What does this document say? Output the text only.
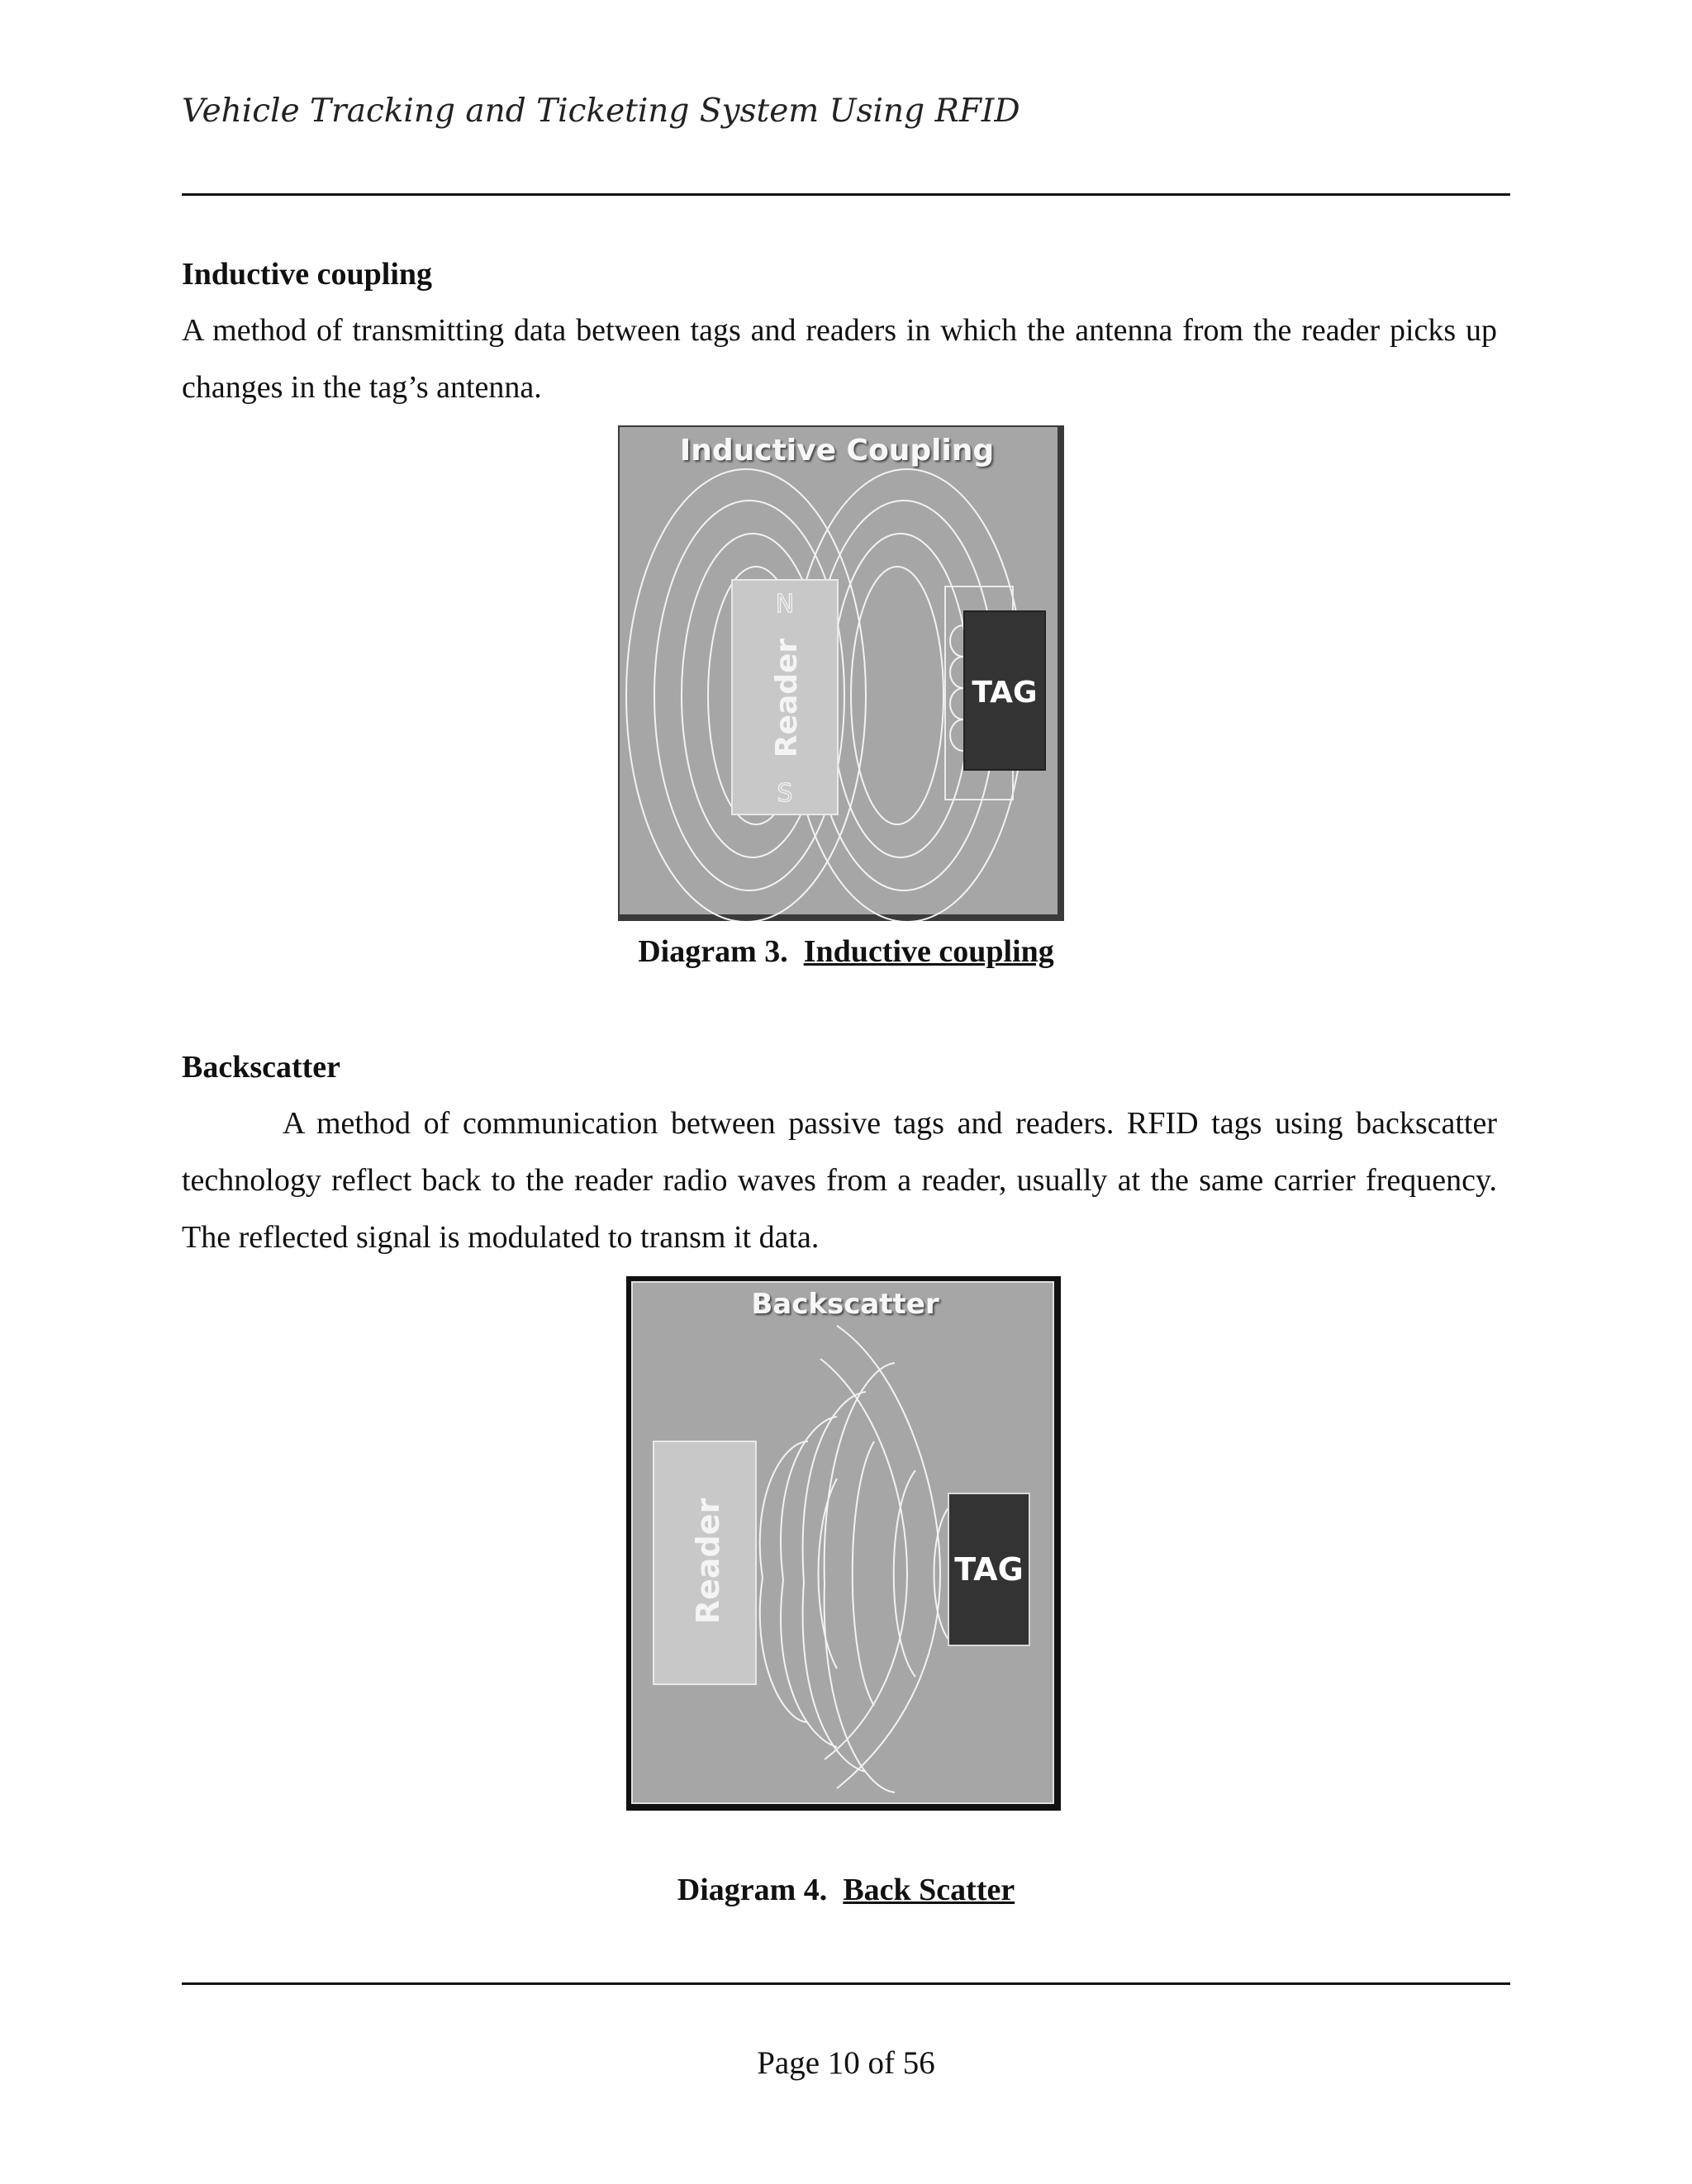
Vehicle Tracking and Ticketing System Using RFID
Inductive coupling
A method of transmitting data between tags and readers in which the antenna from the reader picks up changes in the tag’s antenna.
N
S
Reader	TAG
Inductive Coupling
Diagram 3. Inductive coupling
Backscatter
A method of communication between passive tags and readers. RFID tags using backscatter technology reflect back to the reader radio waves from a reader, usually at the same carrier frequency. The reflected signal is modulated to transm it data.
Reader	TAG
Backscatter
Diagram 4. Back Scatter
Page 10 of 56
